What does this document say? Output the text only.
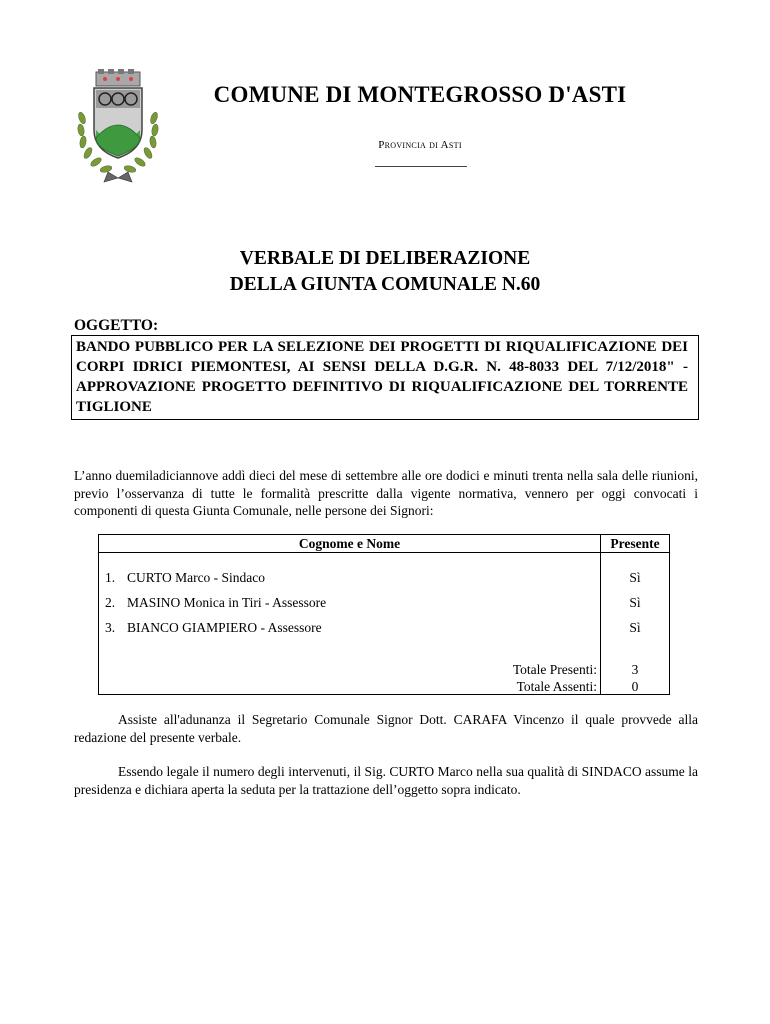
COMUNE DI MONTEGROSSO D'ASTI
Provincia di Asti
VERBALE DI DELIBERAZIONE
DELLA GIUNTA COMUNALE N.60
OGGETTO:
BANDO PUBBLICO PER LA SELEZIONE DEI PROGETTI DI RIQUALIFICAZIONE DEI CORPI IDRICI PIEMONTESI, AI SENSI DELLA D.G.R. N. 48-8033 DEL 7/12/2018" - APPROVAZIONE PROGETTO DEFINITIVO DI RIQUALIFICAZIONE DEL TORRENTE TIGLIONE
L’anno duemiladiciannove addì dieci del mese di settembre alle ore dodici e minuti trenta nella sala delle riunioni, previo l’osservanza di tutte le formalità prescritte dalla vigente normativa, vennero per oggi convocati i componenti di questa Giunta Comunale, nelle persone dei Signori:
Cognome e Nome	Presente
1. CURTO Marco - Sindaco	Sì
2. MASINO Monica in Tiri - Assessore	Sì
3. BIANCO GIAMPIERO - Assessore	Sì
Totale Presenti:	3
Totale Assenti:	0
Assiste all'adunanza il Segretario Comunale Signor Dott. CARAFA Vincenzo il quale provvede alla redazione del presente verbale.
Essendo legale il numero degli intervenuti, il Sig. CURTO Marco nella sua qualità di SINDACO assume la presidenza e dichiara aperta la seduta per la trattazione dell’oggetto sopra indicato.
